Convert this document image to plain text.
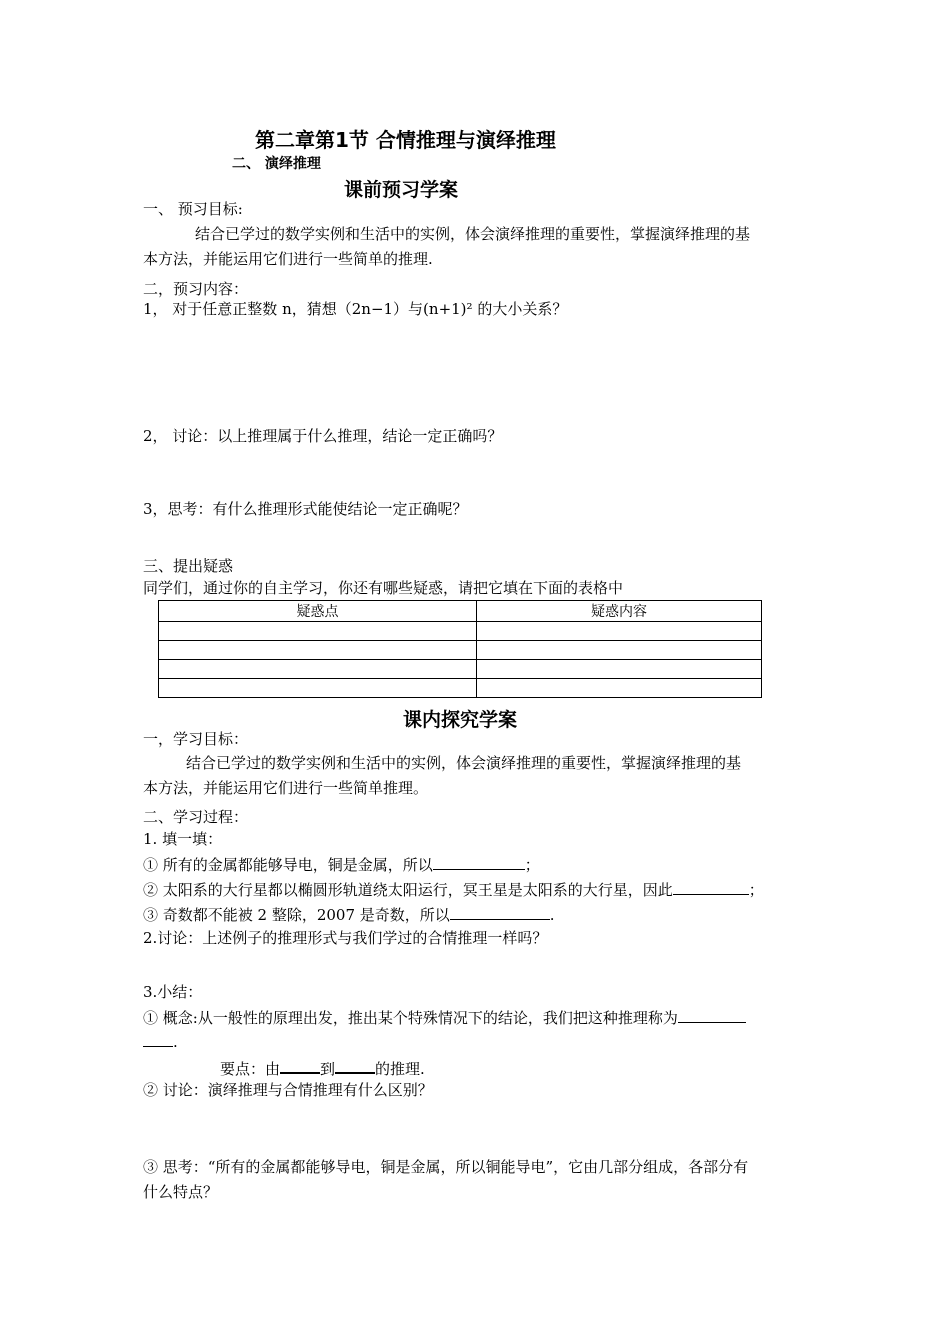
第二章第1节 合情推理与演绎推理
二、 演绎推理
课前预习学案
一、 预习目标:
结合已学过的数学实例和生活中的实例，体会演绎推理的重要性，掌握演绎推理的基
本方法，并能运用它们进行一些简单的推理.
二，预习内容：
1， 对于任意正整数 n，猜想（2n−1）与(n+1)² 的大小关系？
2， 讨论：以上推理属于什么推理，结论一定正确吗？
3，思考：有什么推理形式能使结论一定正确呢？
三、提出疑惑
同学们，通过你的自主学习，你还有哪些疑惑，请把它填在下面的表格中
疑惑点	疑惑内容

课内探究学案
一，学习目标：
结合已学过的数学实例和生活中的实例，体会演绎推理的重要性，掌握演绎推理的基
本方法，并能运用它们进行一些简单推理。
二、学习过程：
1. 填一填：
① 所有的金属都能够导电，铜是金属，所以	；
② 太阳系的大行星都以椭圆形轨道绕太阳运行，冥王星是太阳系的大行星，因此	；
③ 奇数都不能被 2 整除，2007 是奇数，所以	.
2.讨论：上述例子的推理形式与我们学过的合情推理一样吗？
3.小结：
① 概念:从一般性的原理出发，推出某个特殊情况下的结论，我们把这种推理称为
.
要点：由	到	的推理.
② 讨论：演绎推理与合情推理有什么区别？
③ 思考：“所有的金属都能够导电，铜是金属，所以铜能导电”，它由几部分组成，各部分有
什么特点？
